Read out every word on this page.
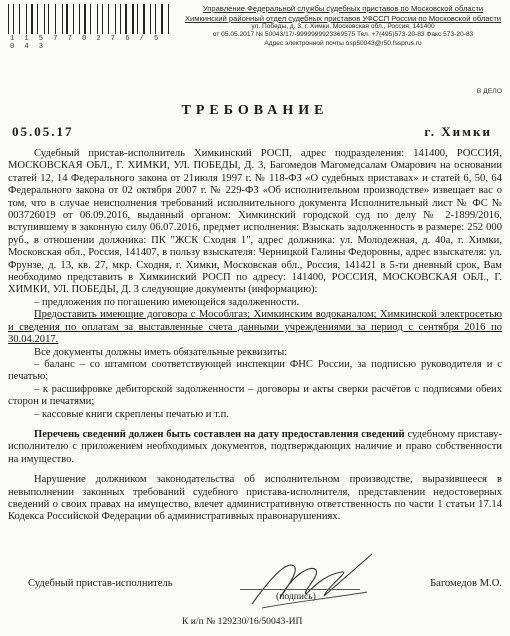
1 1 5 7 7 0 2 7 6 / 5 0 4 3
Управление Федеральной службы судебных приставов по Московской области
Химкинский районный отдел судебных приставов УФССП России по Московской области
ул. Победы, д. 3, г. Химки, Московская обл., Россия, 141400
от 05.05.2017 № 50043/17/-9999999923369575 Тел. +7(495)573-20-83 Факс 573-20-83
Адрес электронной почты osp50043@r50.fssprus.ru
В ДЕЛО
ТРЕБОВАНИЕ
05.05.17	г. Химки

Судебный пристав-исполнитель Химкинский РОСП, адрес подразделения: 141400, РОССИЯ, МОСКОВСКАЯ ОБЛ., Г. ХИМКИ, УЛ. ПОБЕДЫ, Д. 3, Багомедов Магомедсалам Омарович на основании статей 12, 14 Федерального закона от 21июля 1997 г. № 118-ФЗ «О судебных приставах» и статей 6, 50, 64 Федерального закона от 02 октября 2007 г. № 229-ФЗ «Об исполнительном производстве» извещает вас о том, что в случае неисполнения требований исполнительного документа Исполнительный лист № ФС № 003726019 от 06.09.2016, выданный органом: Химкинский городской суд по делу № 2-1899/2016, вступившему в законную силу 06.07.2016, предмет исполнения: Взыскать задолженность в размере: 252 000 руб., в отношении должника: ПК "ЖСК Сходня 1", адрес должника: ул. Молодежная, д. 40а, г. Химки, Московская обл., Россия, 141407, в пользу взыскателя: Черницкой Галины Федоровны, адрес взыскателя: ул. Фрунзе, д. 13, кв. 27, мкр. Сходня, г. Химки, Московская обл., Россия, 141421 в 5-ти дневный срок, Вам необходимо представить в Химкинский РОСП по адресу: 141400, РОССИЯ, МОСКОВСКАЯ ОБЛ., Г. ХИМКИ, УЛ. ПОБЕДЫ, Д. 3 следующие документы (информацию):

– предложения по погашению имеющейся задолженности.

Предоставить имеющие договора с Мособлгаз; Химкинским водоканалом; Химкинской электросетью и сведения по оплатам за выставленные счета данными учреждениями за период с сентября 2016 по 30.04.2017.

Все документы должны иметь обязательные реквизиты:

– баланс – со штампом соответствующей инспекции ФНС России, за подписью руководителя и с печатью;

– к расшифровке дебиторской задолженности – договоры и акты сверки расчётов с подписями обеих сторон и печатями;

– кассовые книги скреплены печатью и т.п.

Перечень сведений должен быть составлен на дату предоставления сведений судебному приставу-исполнителю с приложением необходимых документов, подтверждающих наличие и право собственности на имущество.

Нарушение должником законодательства об исполнительном производстве, выразившееся в невыполнении законных требований судебного пристава-исполнителя, представлении недостоверных сведений о своих правах на имущество, влечет административную ответственность по части 1 статьи 17.14 Кодекса Российской Федерации об административных правонарушениях.

Судебный пристав-исполнитель
(подпись)
Багомедов М.О.
К и/п № 129230/16/50043-ИП
